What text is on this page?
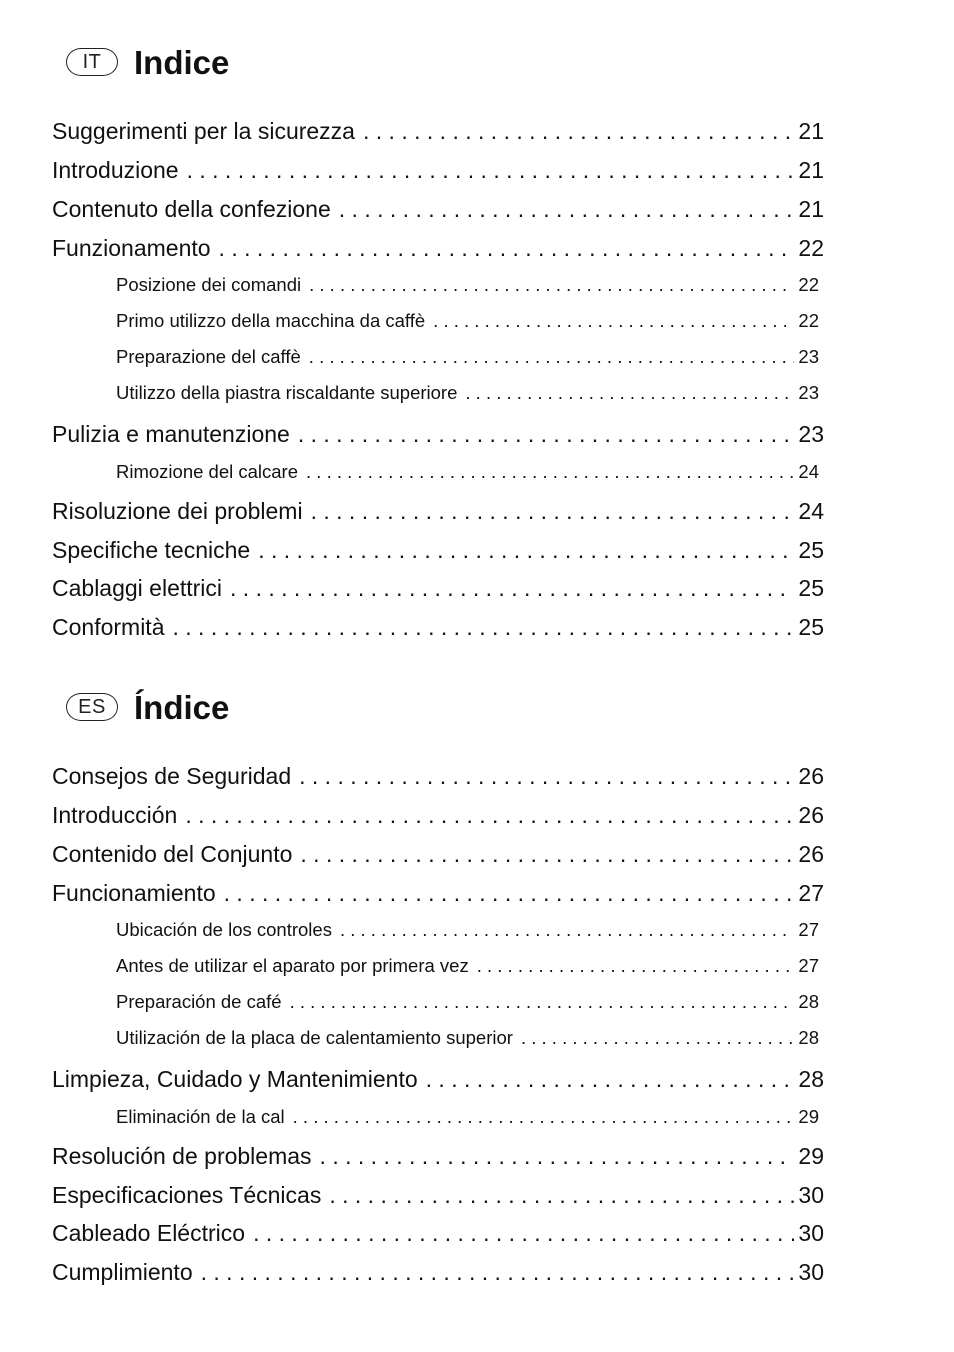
IT Indice
Suggerimenti per la sicurezza . . .	21
Introduzione . . .	21
Contenuto della confezione . . .	21
Funzionamento . . .	22
Posizione dei comandi . . .	22
Primo utilizzo della macchina da caffè . . .	22
Preparazione del caffè . . .	23
Utilizzo della piastra riscaldante superiore . . .	23
Pulizia e manutenzione . . .	23
Rimozione del calcare . . .	24
Risoluzione dei problemi . . .	24
Specifiche tecniche . . .	25
Cablaggi elettrici . . .	25
Conformità . . .	25
ES Índice
Consejos de Seguridad . . .	26
Introducción . . .	26
Contenido del Conjunto . . .	26
Funcionamiento . . .	27
Ubicación de los controles . . .	27
Antes de utilizar el aparato por primera vez . . .	27
Preparación de café . . .	28
Utilización de la placa de calentamiento superior . . .	28
Limpieza, Cuidado y Mantenimiento . . .	28
Eliminación de la cal . . .	29
Resolución de problemas . . .	29
Especificaciones Técnicas . . .	30
Cableado Eléctrico . . .	30
Cumplimiento . . .	30
